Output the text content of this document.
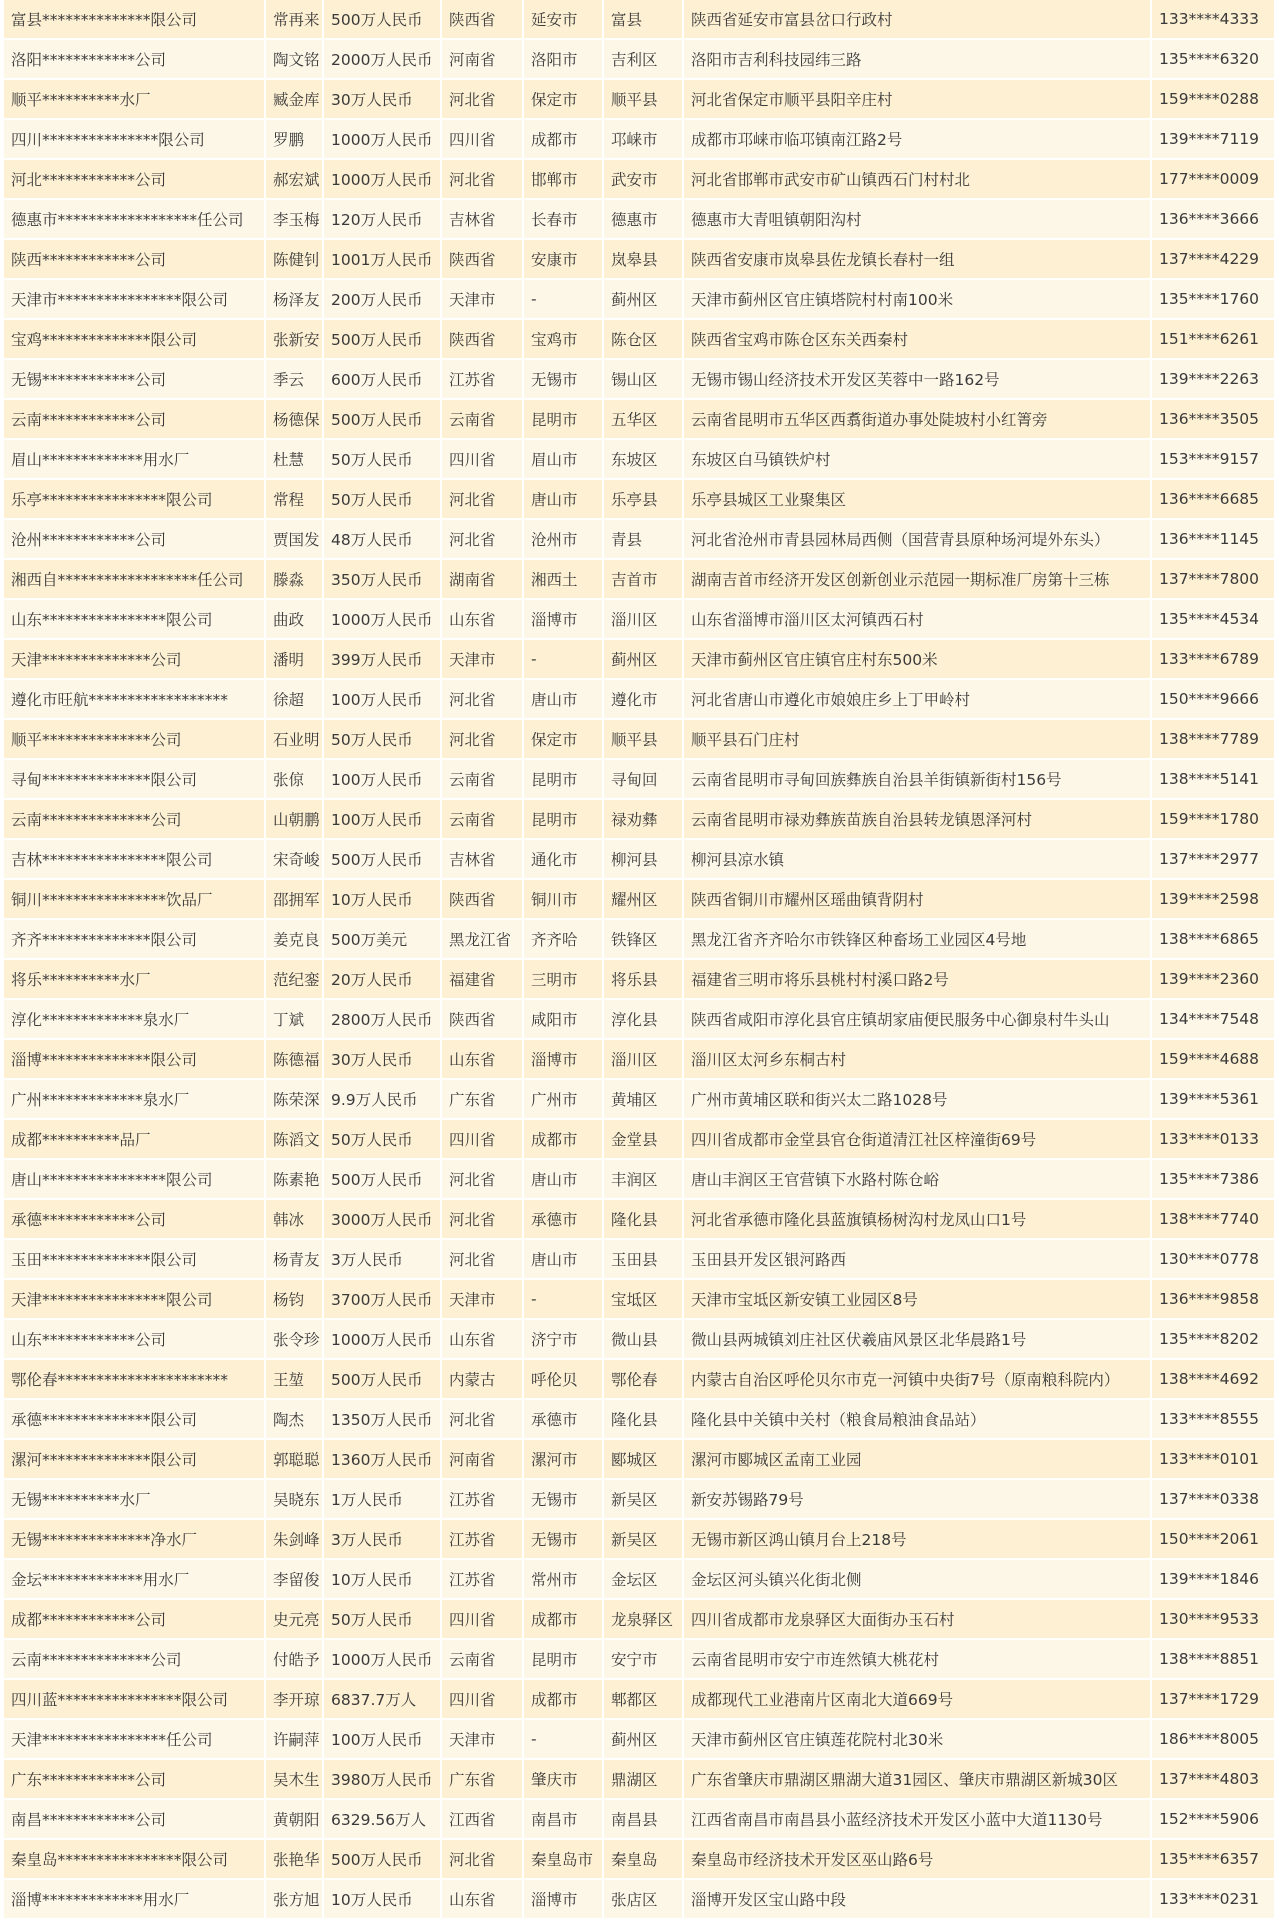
富县**************限公司	常再来	500万人民币	陕西省	延安市	富县	陕西省延安市富县岔口行政村	133****4333
洛阳************公司	陶文铭	2000万人民币	河南省	洛阳市	吉利区	洛阳市吉利科技园纬三路	135****6320
顺平**********水厂	臧金库	30万人民币	河北省	保定市	顺平县	河北省保定市顺平县阳辛庄村	159****0288
四川***************限公司	罗鹏	1000万人民币	四川省	成都市	邛崃市	成都市邛崃市临邛镇南江路2号	139****7119
河北************公司	郝宏斌	1000万人民币	河北省	邯郸市	武安市	河北省邯郸市武安市矿山镇西石门村村北	177****0009
德惠市******************任公司	李玉梅	120万人民币	吉林省	长春市	德惠市	德惠市大青咀镇朝阳沟村	136****3666
陕西************公司	陈健钊	1001万人民币	陕西省	安康市	岚皋县	陕西省安康市岚皋县佐龙镇长春村一组	137****4229
天津市****************限公司	杨泽友	200万人民币	天津市	-	蓟州区	天津市蓟州区官庄镇塔院村村南100米	135****1760
宝鸡**************限公司	张新安	500万人民币	陕西省	宝鸡市	陈仓区	陕西省宝鸡市陈仓区东关西秦村	151****6261
无锡************公司	季云	600万人民币	江苏省	无锡市	锡山区	无锡市锡山经济技术开发区芙蓉中一路162号	139****2263
云南************公司	杨德保	500万人民币	云南省	昆明市	五华区	云南省昆明市五华区西翥街道办事处陡坡村小红箐旁	136****3505
眉山*************用水厂	杜慧	50万人民币	四川省	眉山市	东坡区	东坡区白马镇铁炉村	153****9157
乐亭****************限公司	常程	50万人民币	河北省	唐山市	乐亭县	乐亭县城区工业聚集区	136****6685
沧州************公司	贾国发	48万人民币	河北省	沧州市	青县	河北省沧州市青县园林局西侧（国营青县原种场河堤外东头）	136****1145
湘西自******************任公司	滕淼	350万人民币	湖南省	湘西土	吉首市	湖南吉首市经济开发区创新创业示范园一期标准厂房第十三栋	137****7800
山东****************限公司	曲政	1000万人民币	山东省	淄博市	淄川区	山东省淄博市淄川区太河镇西石村	135****4534
天津**************公司	潘明	399万人民币	天津市	-	蓟州区	天津市蓟州区官庄镇官庄村东500米	133****6789
遵化市旺航******************	徐超	100万人民币	河北省	唐山市	遵化市	河北省唐山市遵化市娘娘庄乡上丁甲岭村	150****9666
顺平**************公司	石业明	50万人民币	河北省	保定市	顺平县	顺平县石门庄村	138****7789
寻甸**************限公司	张倞	100万人民币	云南省	昆明市	寻甸回	云南省昆明市寻甸回族彝族自治县羊街镇新街村156号	138****5141
云南**************公司	山朝鹏	100万人民币	云南省	昆明市	禄劝彝	云南省昆明市禄劝彝族苗族自治县转龙镇恩泽河村	159****1780
吉林****************限公司	宋奇峻	500万人民币	吉林省	通化市	柳河县	柳河县凉水镇	137****2977
铜川****************饮品厂	邵拥军	10万人民币	陕西省	铜川市	耀州区	陕西省铜川市耀州区瑶曲镇背阴村	139****2598
齐齐**************限公司	姜克良	500万美元	黑龙江省	齐齐哈	铁锋区	黑龙江省齐齐哈尔市铁锋区种畜场工业园区4号地	138****6865
将乐**********水厂	范纪銮	20万人民币	福建省	三明市	将乐县	福建省三明市将乐县桃村村溪口路2号	139****2360
淳化*************泉水厂	丁斌	2800万人民币	陕西省	咸阳市	淳化县	陕西省咸阳市淳化县官庄镇胡家庙便民服务中心御泉村牛头山	134****7548
淄博**************限公司	陈德福	30万人民币	山东省	淄博市	淄川区	淄川区太河乡东桐古村	159****4688
广州*************泉水厂	陈荣深	9.9万人民币	广东省	广州市	黄埔区	广州市黄埔区联和街兴太二路1028号	139****5361
成都**********品厂	陈滔文	50万人民币	四川省	成都市	金堂县	四川省成都市金堂县官仓街道清江社区梓潼街69号	133****0133
唐山****************限公司	陈素艳	500万人民币	河北省	唐山市	丰润区	唐山丰润区王官营镇下水路村陈仓峪	135****7386
承德************公司	韩冰	3000万人民币	河北省	承德市	隆化县	河北省承德市隆化县蓝旗镇杨树沟村龙凤山口1号	138****7740
玉田**************限公司	杨青友	3万人民币	河北省	唐山市	玉田县	玉田县开发区银河路西	130****0778
天津****************限公司	杨钧	3700万人民币	天津市	-	宝坻区	天津市宝坻区新安镇工业园区8号	136****9858
山东************公司	张令珍	1000万人民币	山东省	济宁市	微山县	微山县两城镇刘庄社区伏羲庙风景区北华晨路1号	135****8202
鄂伦春**********************	王堃	500万人民币	内蒙古	呼伦贝	鄂伦春	内蒙古自治区呼伦贝尔市克一河镇中央街7号（原南粮科院内）	138****4692
承德**************限公司	陶杰	1350万人民币	河北省	承德市	隆化县	隆化县中关镇中关村（粮食局粮油食品站）	133****8555
漯河**************限公司	郭聪聪	1360万人民币	河南省	漯河市	郾城区	漯河市郾城区孟南工业园	133****0101
无锡**********水厂	吴晓东	1万人民币	江苏省	无锡市	新吴区	新安苏锡路79号	137****0338
无锡**************净水厂	朱剑峰	3万人民币	江苏省	无锡市	新吴区	无锡市新区鸿山镇月台上218号	150****2061
金坛*************用水厂	李留俊	10万人民币	江苏省	常州市	金坛区	金坛区河头镇兴化街北侧	139****1846
成都************公司	史元亮	50万人民币	四川省	成都市	龙泉驿区	四川省成都市龙泉驿区大面街办玉石村	130****9533
云南**************公司	付皓予	1000万人民币	云南省	昆明市	安宁市	云南省昆明市安宁市连然镇大桃花村	138****8851
四川蓝****************限公司	李开琼	6837.7万人	四川省	成都市	郫都区	成都现代工业港南片区南北大道669号	137****1729
天津****************任公司	许嗣萍	100万人民币	天津市	-	蓟州区	天津市蓟州区官庄镇莲花院村北30米	186****8005
广东************公司	吴木生	3980万人民币	广东省	肇庆市	鼎湖区	广东省肇庆市鼎湖区鼎湖大道31园区、肇庆市鼎湖区新城30区	137****4803
南昌************公司	黄朝阳	6329.56万人	江西省	南昌市	南昌县	江西省南昌市南昌县小蓝经济技术开发区小蓝中大道1130号	152****5906
秦皇岛****************限公司	张艳华	500万人民币	河北省	秦皇岛市	秦皇岛	秦皇岛市经济技术开发区巫山路6号	135****6357
淄博*************用水厂	张方旭	10万人民币	山东省	淄博市	张店区	淄博开发区宝山路中段	133****0231
